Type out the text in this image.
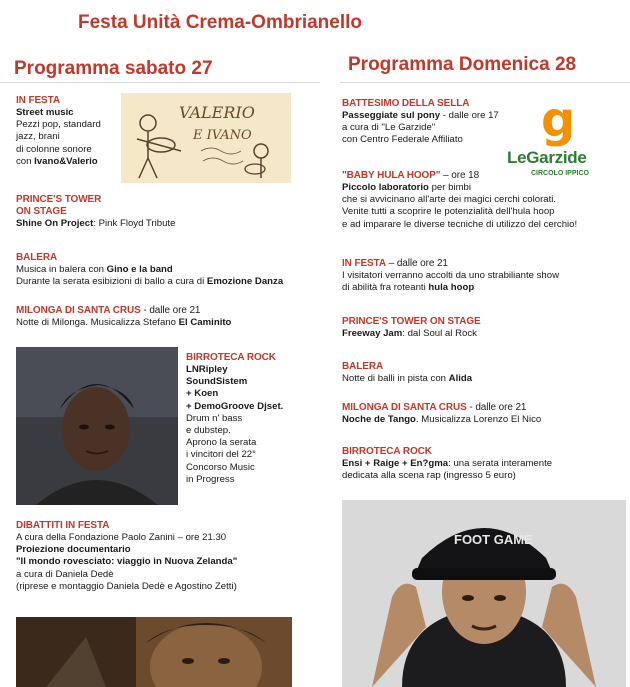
Festa Unità Crema-Ombrianello
Programma sabato 27	Programma Domenica 28
IN FESTA
Street music
Pezzi pop, standard
jazz, brani
di colonne sonore
con Ivano&Valerio
VALERIO
E IVANO
PRINCE'S TOWER
ON STAGE
Shine On Project: Pink Floyd Tribute
BALERA
Musica in balera con Gino e la band
Durante la serata esibizioni di ballo a cura di Emozione Danza
MILONGA DI SANTA CRUS - dalle ore 21
Notte di Milonga. Musicalizza Stefano El Caminito
BIRROTECA ROCK
LNRipley
SoundSistem
+ Koen
+ DemoGroove Djset.
Drum n' bass
e dubstep.
Aprono la serata
i vincitori del 22°
Concorso Music
in Progress
DIBATTITI IN FESTA
A cura della Fondazione Paolo Zanini – ore 21.30
Proiezione documentario
"Il mondo rovesciato: viaggio in Nuova Zelanda"
a cura di Daniela Dedè
(riprese e montaggio Daniela Dedè e Agostino Zetti)
BATTESIMO DELLA SELLA
Passeggiate sul pony - dalle ore 17
a cura di "Le Garzide"
con Centro Federale Affiliato	g
LeGarzide
CIRCOLO IPPICO
"BABY HULA HOOP" – ore 18
Piccolo laboratorio per bimbi
che si avvicinano all'arte dei magici cerchi colorati.
Venite tutti a scoprire le potenzialità dell'hula hoop
e ad imparare le diverse tecniche di utilizzo del cerchio!
IN FESTA – dalle ore 21
I visitatori verranno accolti da uno strabiliante show
di abilità fra roteanti hula hoop
PRINCE'S TOWER ON STAGE
Freeway Jam: dal Soul al Rock
BALERA
Notte di balli in pista con Alida
MILONGA DI SANTA CRUS - dalle ore 21
Noche de Tango. Musicalizza Lorenzo El Nico
BIRROTECA ROCK
Ensi + Raige + En?gma: una serata interamente
dedicata alla scena rap (ingresso 5 euro)
FOOT GAME
